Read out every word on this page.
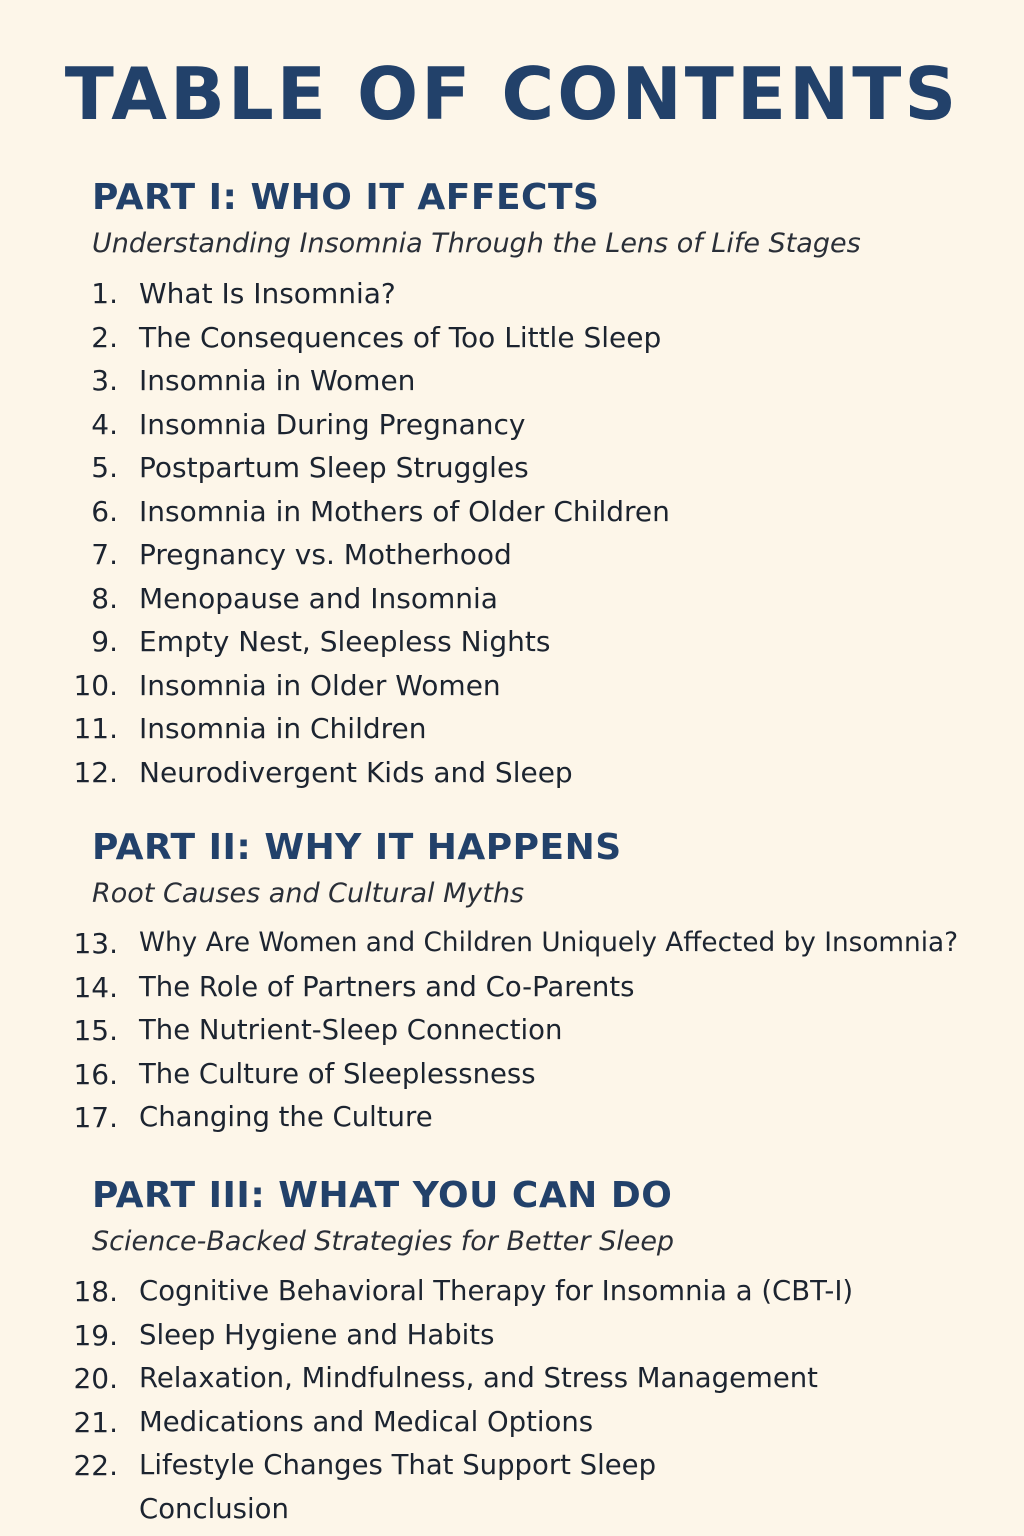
TABLE OF CONTENTS
PART I: WHO IT AFFECTS
Understanding Insomnia Through the Lens of Life Stages
1. What Is Insomnia?
2. The Consequences of Too Little Sleep
3. Insomnia in Women
4. Insomnia During Pregnancy
5. Postpartum Sleep Struggles
6. Insomnia in Mothers of Older Children
7. Pregnancy vs. Motherhood
8. Menopause and Insomnia
9. Empty Nest, Sleepless Nights
10. Insomnia in Older Women
11. Insomnia in Children
12. Neurodivergent Kids and Sleep
PART II: WHY IT HAPPENS
Root Causes and Cultural Myths
13. Why Are Women and Children Uniquely Affected by Insomnia?
14. The Role of Partners and Co-Parents
15. The Nutrient-Sleep Connection
16. The Culture of Sleeplessness
17. Changing the Culture
PART III: WHAT YOU CAN DO
Science-Backed Strategies for Better Sleep
18. Cognitive Behavioral Therapy for Insomnia a (CBT-I)
19. Sleep Hygiene and Habits
20. Relaxation, Mindfulness, and Stress Management
21. Medications and Medical Options
22. Lifestyle Changes That Support Sleep
Conclusion
